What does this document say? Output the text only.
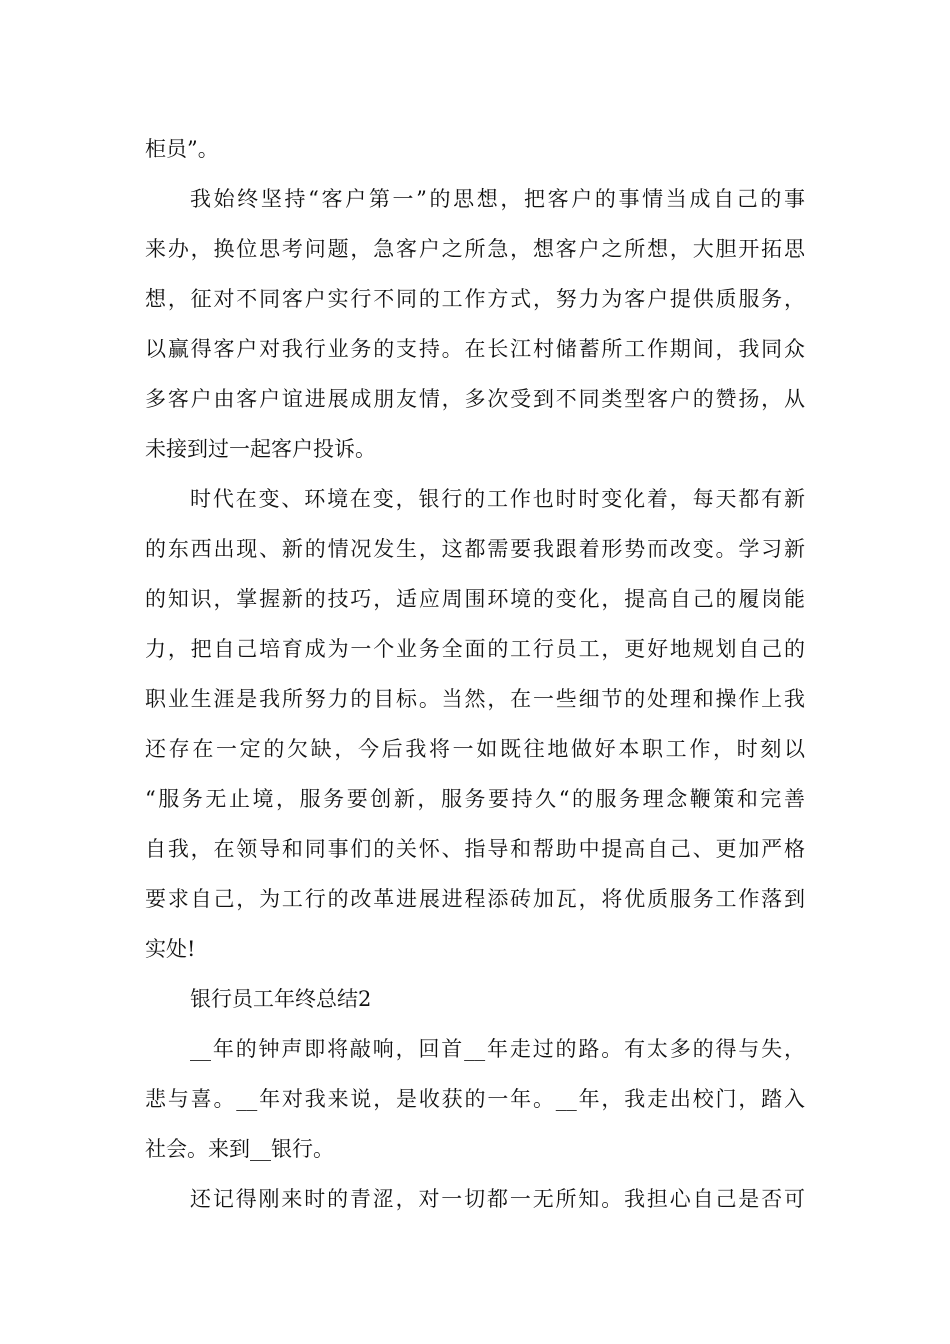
柜员”。
我始终坚持“客户第一”的思想，把客户的事情当成自己的事
来办，换位思考问题，急客户之所急，想客户之所想，大胆开拓思
想，征对不同客户实行不同的工作方式，努力为客户提供质服务，
以赢得客户对我行业务的支持。在长江村储蓄所工作期间，我同众
多客户由客户谊进展成朋友情，多次受到不同类型客户的赞扬，从
未接到过一起客户投诉。
时代在变、环境在变，银行的工作也时时变化着，每天都有新
的东西出现、新的情况发生，这都需要我跟着形势而改变。学习新
的知识，掌握新的技巧，适应周围环境的变化，提高自己的履岗能
力，把自己培育成为一个业务全面的工行员工，更好地规划自己的
职业生涯是我所努力的目标。当然，在一些细节的处理和操作上我
还存在一定的欠缺，今后我将一如既往地做好本职工作，时刻以
“服务无止境，服务要创新，服务要持久“的服务理念鞭策和完善
自我，在领导和同事们的关怀、指导和帮助中提高自己、更加严格
要求自己，为工行的改革进展进程添砖加瓦，将优质服务工作落到
实处!
银行员工年终总结2
__年的钟声即将敲响，回首__年走过的路。有太多的得与失，
悲与喜。__年对我来说，是收获的一年。__年，我走出校门，踏入
社会。来到__银行。
还记得刚来时的青涩，对一切都一无所知。我担心自己是否可
